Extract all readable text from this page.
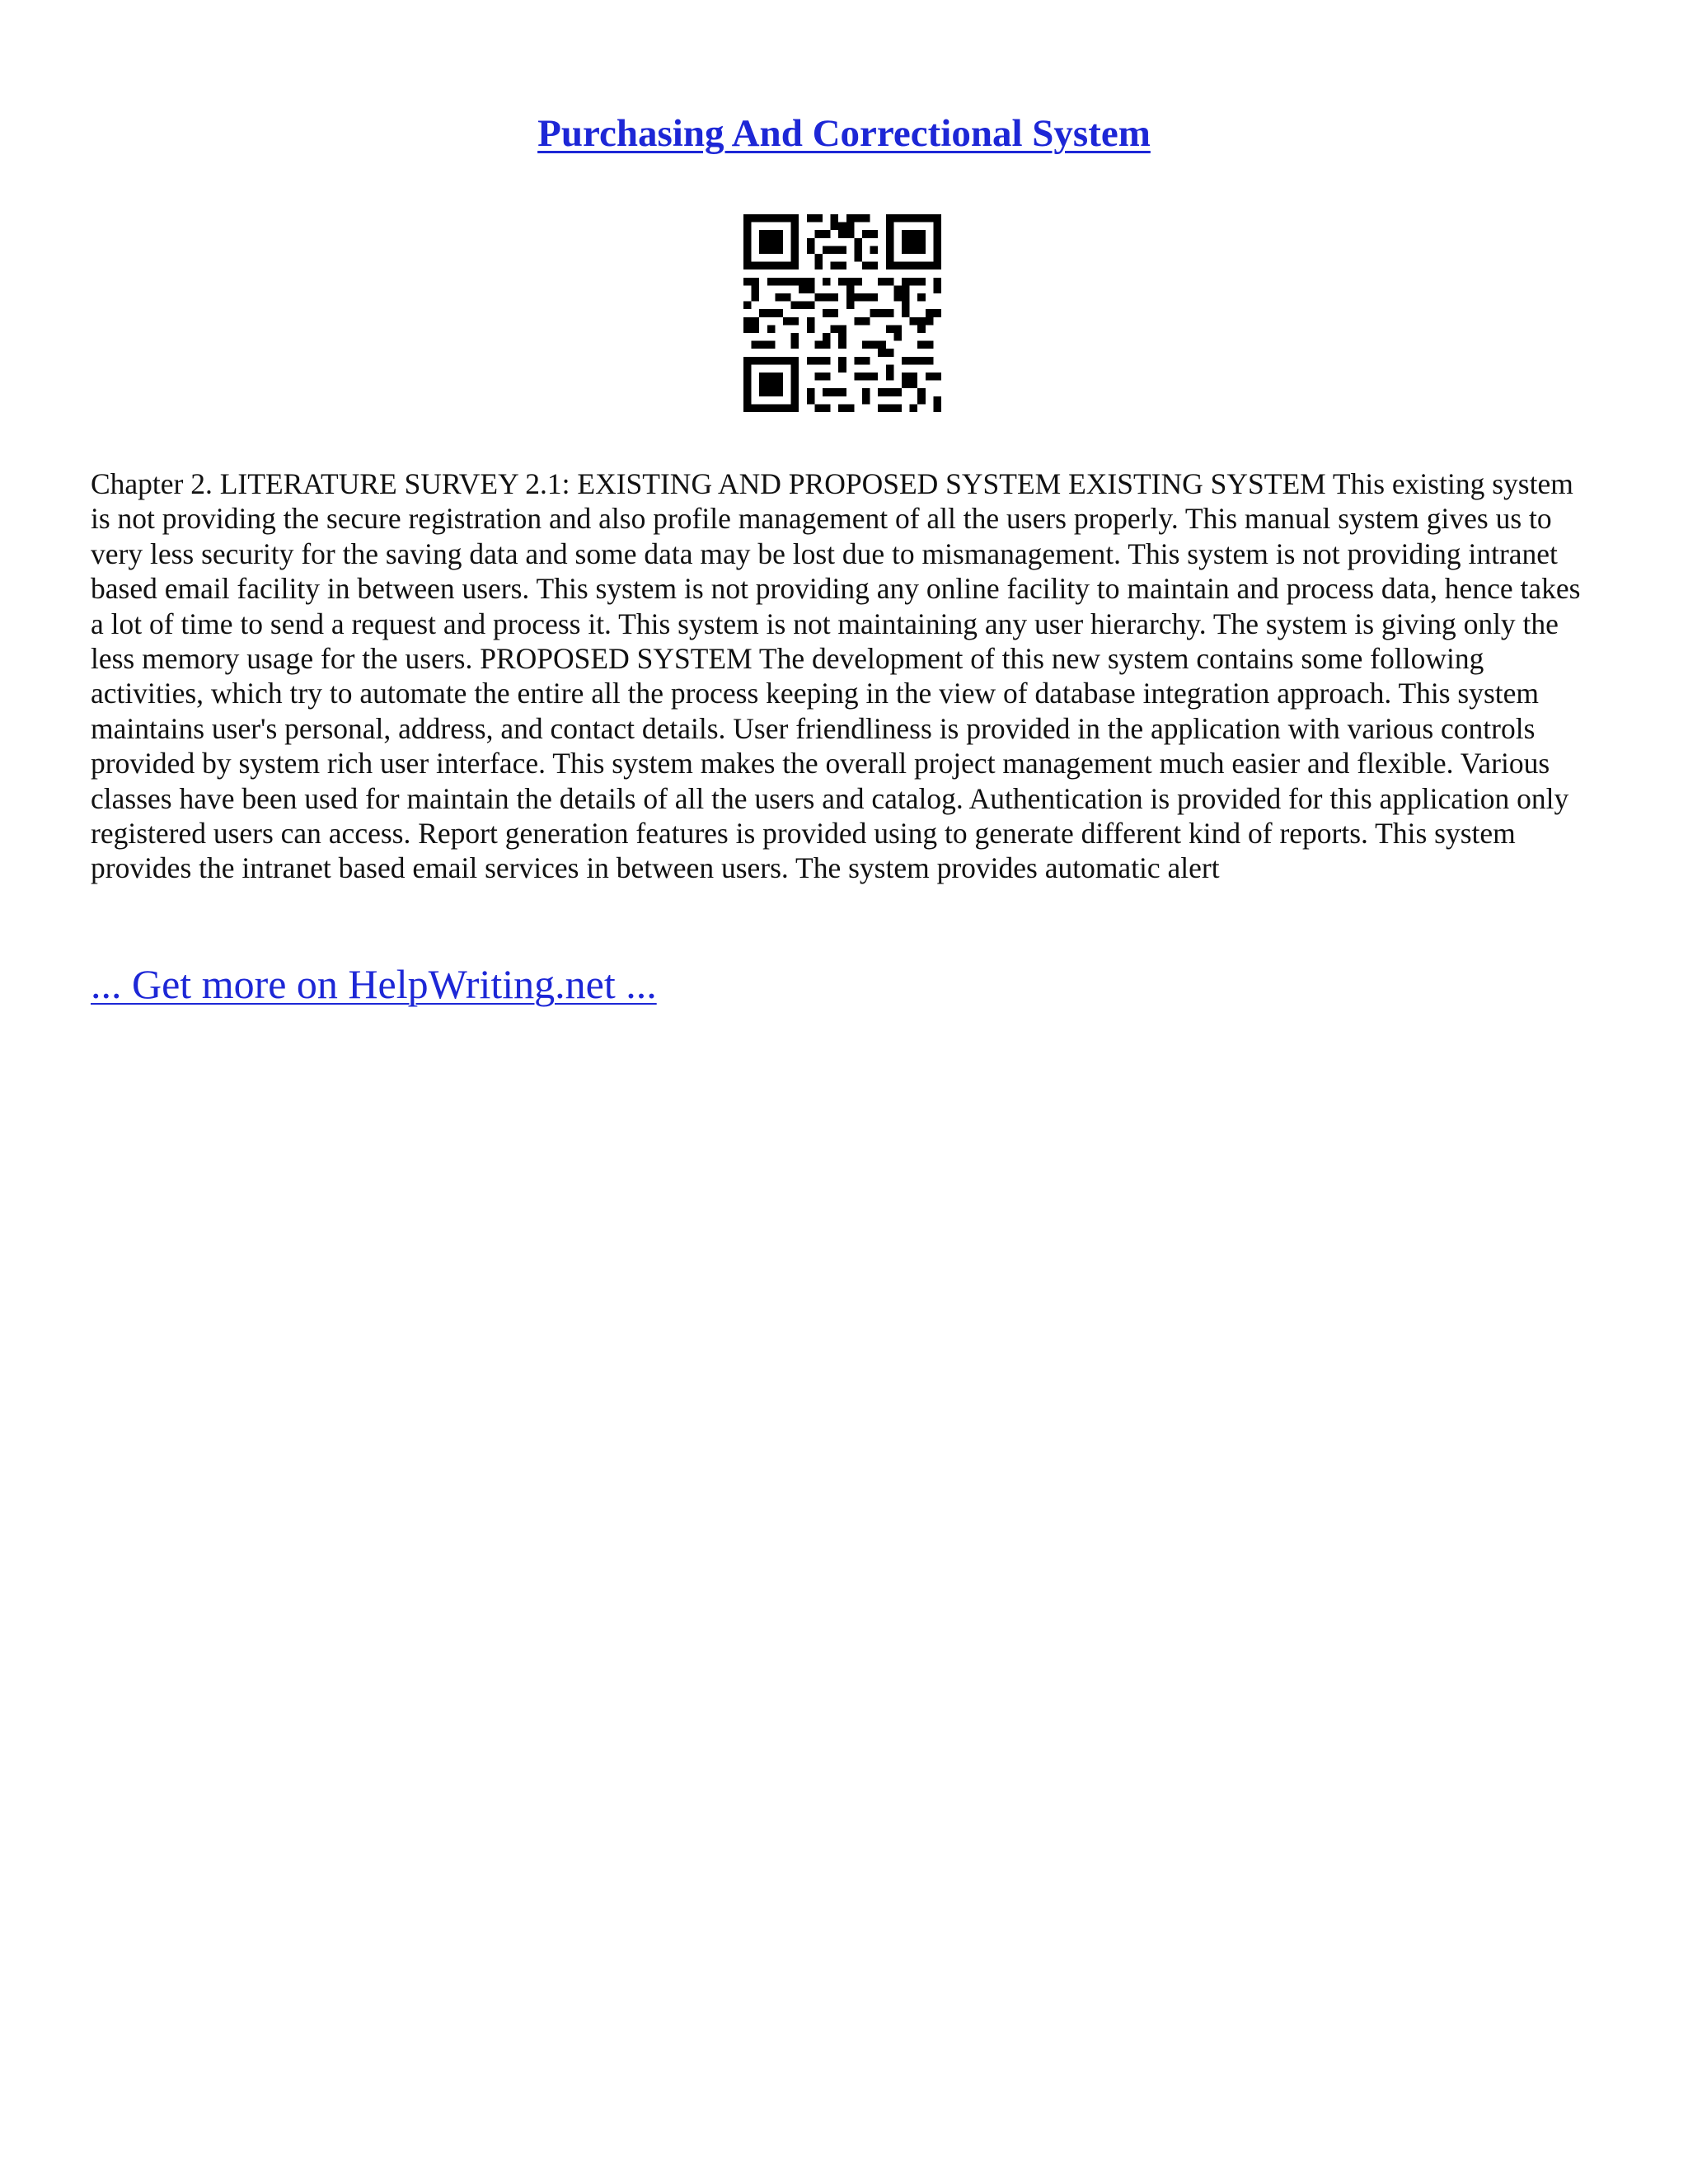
Purchasing And Correctional System

Chapter 2. LITERATURE SURVEY 2.1: EXISTING AND PROPOSED SYSTEM EXISTING SYSTEM This existing system is not providing the secure registration and also profile management of all the users properly. This manual system gives us to very less security for the saving data and some data may be lost due to mismanagement. This system is not providing intranet based email facility in between users. This system is not providing any online facility to maintain and process data, hence takes a lot of time to send a request and process it. This system is not maintaining any user hierarchy. The system is giving only the less memory usage for the users. PROPOSED SYSTEM The development of this new system contains some following activities, which try to automate the entire all the process keeping in the view of database integration approach. This system maintains user's personal, address, and contact details. User friendliness is provided in the application with various controls provided by system rich user interface. This system makes the overall project management much easier and flexible. Various classes have been used for maintain the details of all the users and catalog. Authentication is provided for this application only registered users can access. Report generation features is provided using to generate different kind of reports. This system provides the intranet based email services in between users. The system provides automatic alert

... Get more on HelpWriting.net ...
